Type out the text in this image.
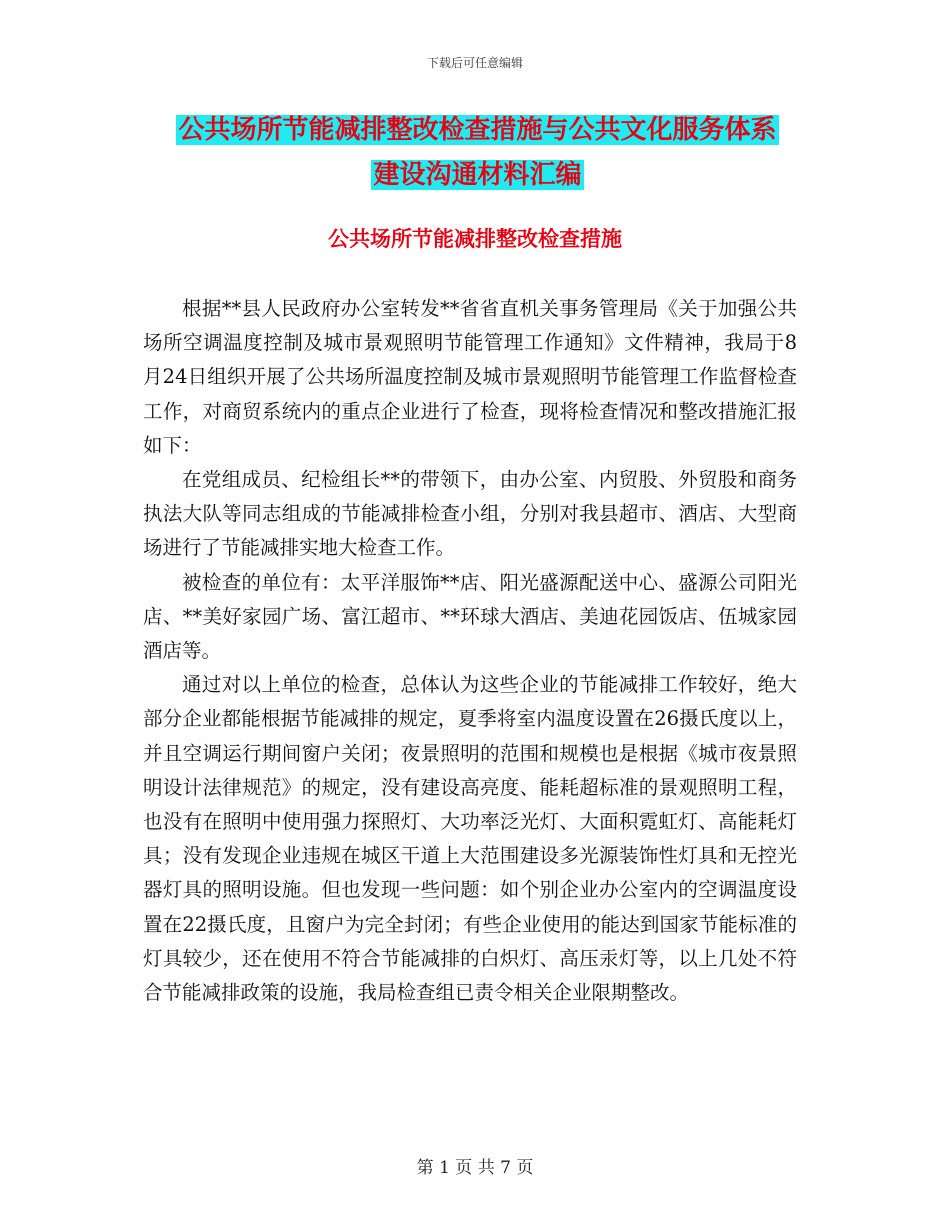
下载后可任意编辑
公共场所节能减排整改检查措施与公共文化服务体系
建设沟通材料汇编
公共场所节能减排整改检查措施

根据**县人民政府办公室转发**省省直机关事务管理局《关于加强公共场所空调温度控制及城市景观照明节能管理工作通知》文件精神，我局于8月24日组织开展了公共场所温度控制及城市景观照明节能管理工作监督检查工作，对商贸系统内的重点企业进行了检查，现将检查情况和整改措施汇报如下：

在党组成员、纪检组长**的带领下，由办公室、内贸股、外贸股和商务执法大队等同志组成的节能减排检查小组，分别对我县超市、酒店、大型商场进行了节能减排实地大检查工作。

被检查的单位有：太平洋服饰**店、阳光盛源配送中心、盛源公司阳光店、**美好家园广场、富江超市、**环球大酒店、美迪花园饭店、伍城家园酒店等。

通过对以上单位的检查，总体认为这些企业的节能减排工作较好，绝大部分企业都能根据节能减排的规定，夏季将室内温度设置在26摄氏度以上，并且空调运行期间窗户关闭；夜景照明的范围和规模也是根据《城市夜景照明设计法律规范》的规定，没有建设高亮度、能耗超标准的景观照明工程，也没有在照明中使用强力探照灯、大功率泛光灯、大面积霓虹灯、高能耗灯具；没有发现企业违规在城区干道上大范围建设多光源装饰性灯具和无控光器灯具的照明设施。但也发现一些问题：如个别企业办公室内的空调温度设置在22摄氏度，且窗户为完全封闭；有些企业使用的能达到国家节能标准的灯具较少，还在使用不符合节能减排的白炽灯、高压汞灯等，以上几处不符合节能减排政策的设施，我局检查组已责令相关企业限期整改。

第 1 页 共 7 页
